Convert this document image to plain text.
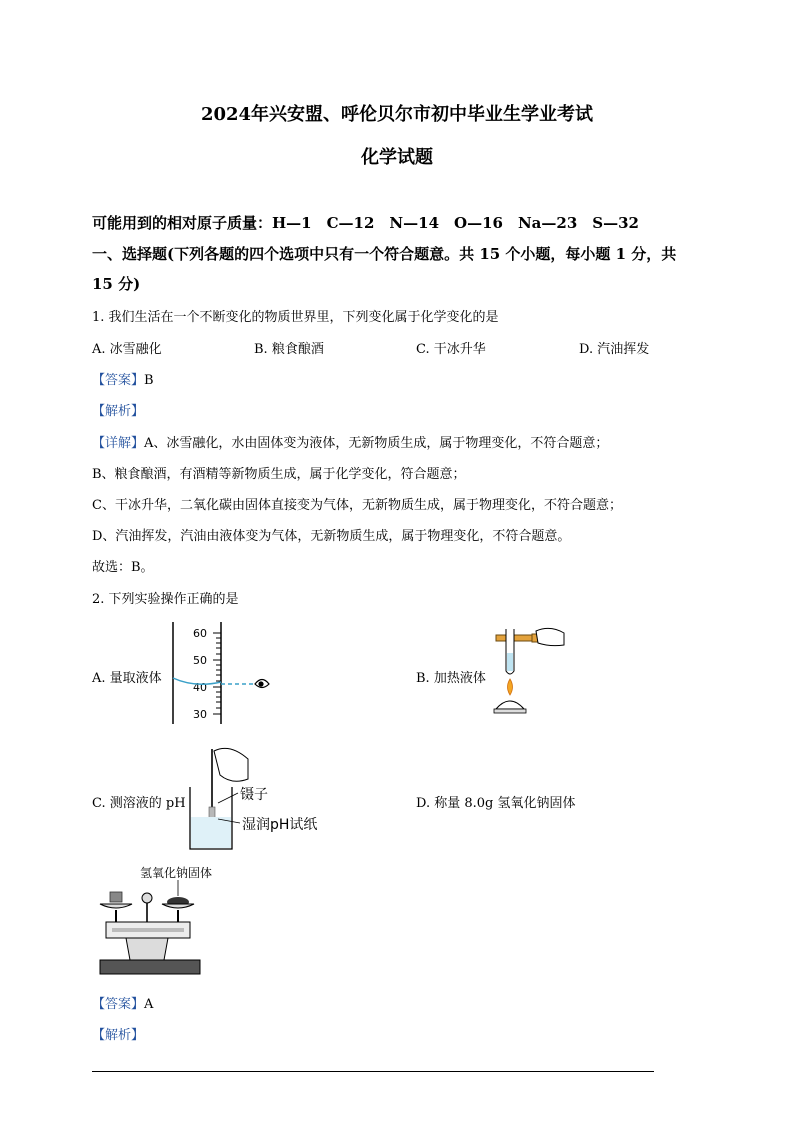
2024年兴安盟、呼伦贝尔市初中毕业生学业考试
化学试题
可能用到的相对原子质量：H—1　C—12　N—14　O—16　Na—23　S—32
一、选择题(下列各题的四个选项中只有一个符合题意。共 15 个小题，每小题 1 分，共
15 分)
1. 我们生活在一个不断变化的物质世界里，下列变化属于化学变化的是
A. 冰雪融化	B. 粮食酿酒	C. 干冰升华	D. 汽油挥发
【答案】B
【解析】
【详解】A、冰雪融化，水由固体变为液体，无新物质生成，属于物理变化，不符合题意；
B、粮食酿酒，有酒精等新物质生成，属于化学变化，符合题意；
C、干冰升华，二氧化碳由固体直接变为气体，无新物质生成，属于物理变化，不符合题意；
D、汽油挥发，汽油由液体变为气体，无新物质生成，属于物理变化，不符合题意。
故选：B。
2. 下列实验操作正确的是
A. 量取液体	B. 加热液体
C. 测溶液的 pH	D. 称量 8.0g 氢氧化钠固体
60
50
40
30
镊子
湿润pH试纸
氢氧化钠固体
【答案】A
【解析】
